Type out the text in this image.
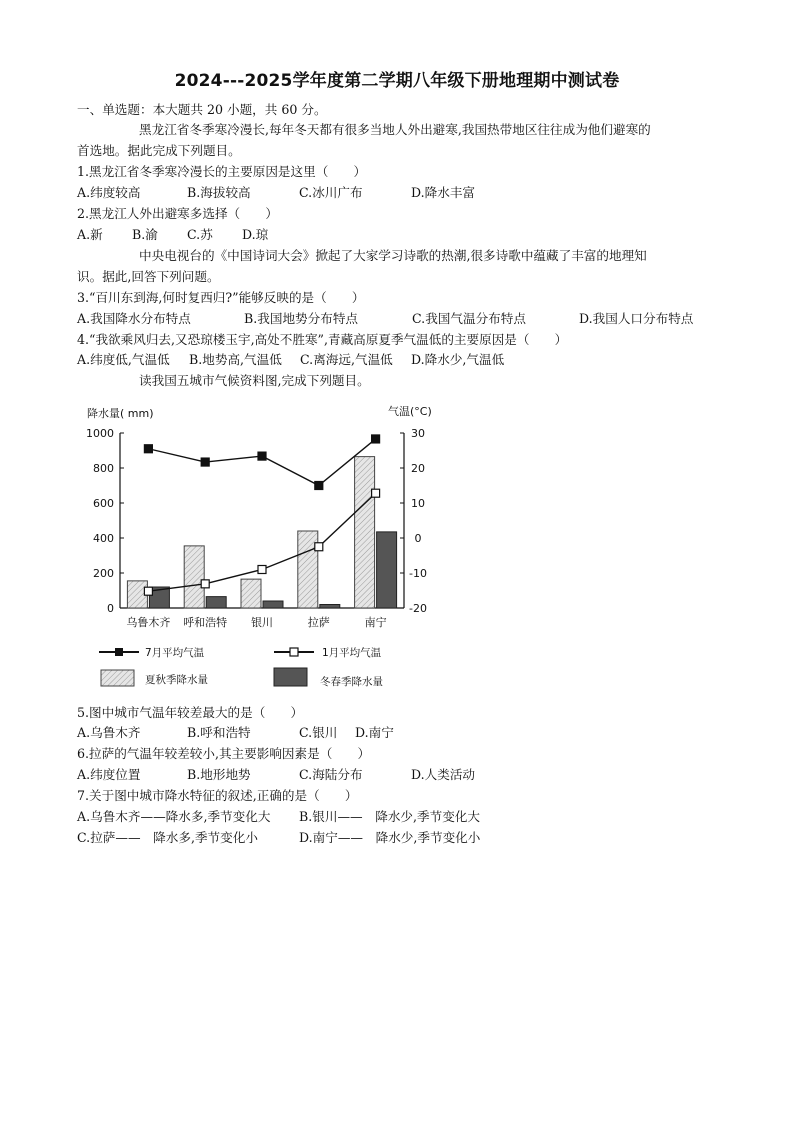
2024---2025学年度第二学期八年级下册地理期中测试卷
一、单选题：本大题共 20 小题，共 60 分。
黑龙江省冬季寒冷漫长,每年冬天都有很多当地人外出避寒,我国热带地区往往成为他们避寒的
首选地。据此完成下列题目。
1.黑龙江省冬季寒冷漫长的主要原因是这里（　　）
A.纬度较高	B.海拔较高	C.冰川广布	D.降水丰富
2.黑龙江人外出避寒多选择（　　）
A.新 B.渝 C.苏 D.琼
中央电视台的《中国诗词大会》掀起了大家学习诗歌的热潮,很多诗歌中蕴藏了丰富的地理知
识。据此,回答下列问题。
3.“百川东到海,何时复西归?”能够反映的是（　　）
A.我国降水分布特点	B.我国地势分布特点	C.我国气温分布特点	D.我国人口分布特点
4.“我欲乘风归去,又恐琼楼玉宇,高处不胜寒”,青藏高原夏季气温低的主要原因是（　　）
A.纬度低,气温低 B.地势高,气温低 C.离海远,气温低 D.降水少,气温低
读我国五城市气候资料图,完成下列题目。
降水量( mm)	气温(°C)
0
200
400
600
800
1000
-20
-10
0
10
20
30
乌鲁木齐 呼和浩特 银川	拉萨	南宁
7月平均气温	1月平均气温
夏秋季降水量	冬春季降水量
5.图中城市气温年较差最大的是（　　）
A.乌鲁木齐	B.呼和浩特	C.银川 D.南宁
6.拉萨的气温年较差较小,其主要影响因素是（　　）
A.纬度位置	B.地形地势	C.海陆分布	D.人类活动
7.关于图中城市降水特征的叙述,正确的是（　　）
A.乌鲁木齐——降水多,季节变化大 B.银川——　降水少,季节变化大
C.拉萨——　降水多,季节变化小	D.南宁——　降水少,季节变化小
